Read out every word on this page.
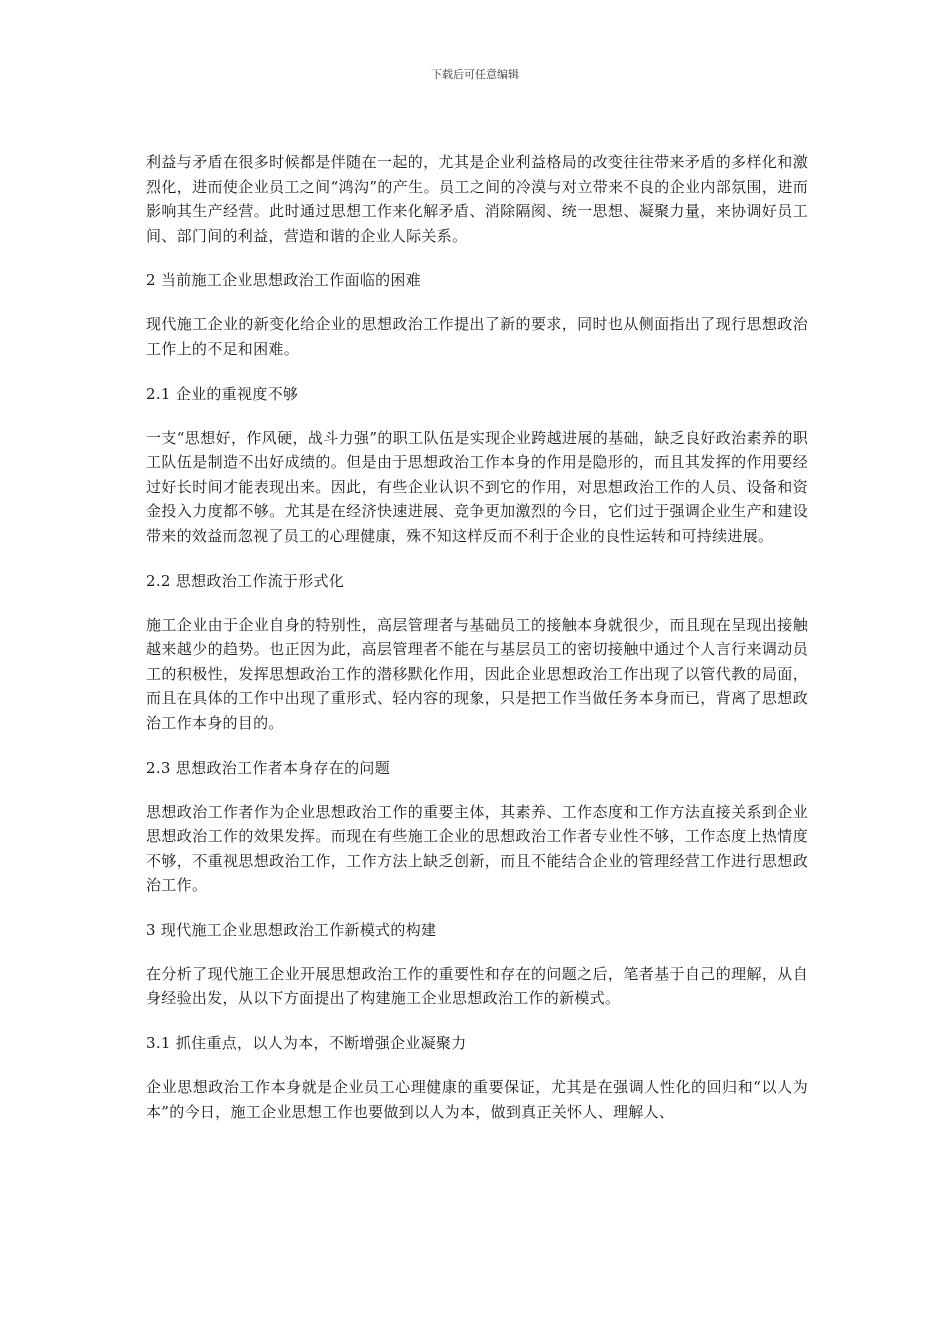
下载后可任意编辑

利益与矛盾在很多时候都是伴随在一起的，尤其是企业利益格局的改变往往带来矛盾的多样化和激烈化，进而使企业员工之间“鸿沟”的产生。员工之间的冷漠与对立带来不良的企业内部氛围，进而影响其生产经营。此时通过思想工作来化解矛盾、消除隔阂、统一思想、凝聚力量，来协调好员工间、部门间的利益，营造和谐的企业人际关系。

2 当前施工企业思想政治工作面临的困难

现代施工企业的新变化给企业的思想政治工作提出了新的要求，同时也从侧面指出了现行思想政治工作上的不足和困难。

2.1 企业的重视度不够

一支“思想好，作风硬，战斗力强”的职工队伍是实现企业跨越进展的基础，缺乏良好政治素养的职工队伍是制造不出好成绩的。但是由于思想政治工作本身的作用是隐形的，而且其发挥的作用要经过好长时间才能表现出来。因此，有些企业认识不到它的作用，对思想政治工作的人员、设备和资金投入力度都不够。尤其是在经济快速进展、竞争更加激烈的今日，它们过于强调企业生产和建设带来的效益而忽视了员工的心理健康，殊不知这样反而不利于企业的良性运转和可持续进展。

2.2 思想政治工作流于形式化

施工企业由于企业自身的特别性，高层管理者与基础员工的接触本身就很少，而且现在呈现出接触越来越少的趋势。也正因为此，高层管理者不能在与基层员工的密切接触中通过个人言行来调动员工的积极性，发挥思想政治工作的潜移默化作用，因此企业思想政治工作出现了以管代教的局面，而且在具体的工作中出现了重形式、轻内容的现象，只是把工作当做任务本身而已，背离了思想政治工作本身的目的。

2.3 思想政治工作者本身存在的问题

思想政治工作者作为企业思想政治工作的重要主体，其素养、工作态度和工作方法直接关系到企业思想政治工作的效果发挥。而现在有些施工企业的思想政治工作者专业性不够，工作态度上热情度不够，不重视思想政治工作，工作方法上缺乏创新，而且不能结合企业的管理经营工作进行思想政治工作。

3 现代施工企业思想政治工作新模式的构建

在分析了现代施工企业开展思想政治工作的重要性和存在的问题之后，笔者基于自己的理解，从自身经验出发，从以下方面提出了构建施工企业思想政治工作的新模式。

3.1 抓住重点，以人为本，不断增强企业凝聚力

企业思想政治工作本身就是企业员工心理健康的重要保证，尤其是在强调人性化的回归和“以人为本”的今日，施工企业思想工作也要做到以人为本，做到真正关怀人、理解人、
